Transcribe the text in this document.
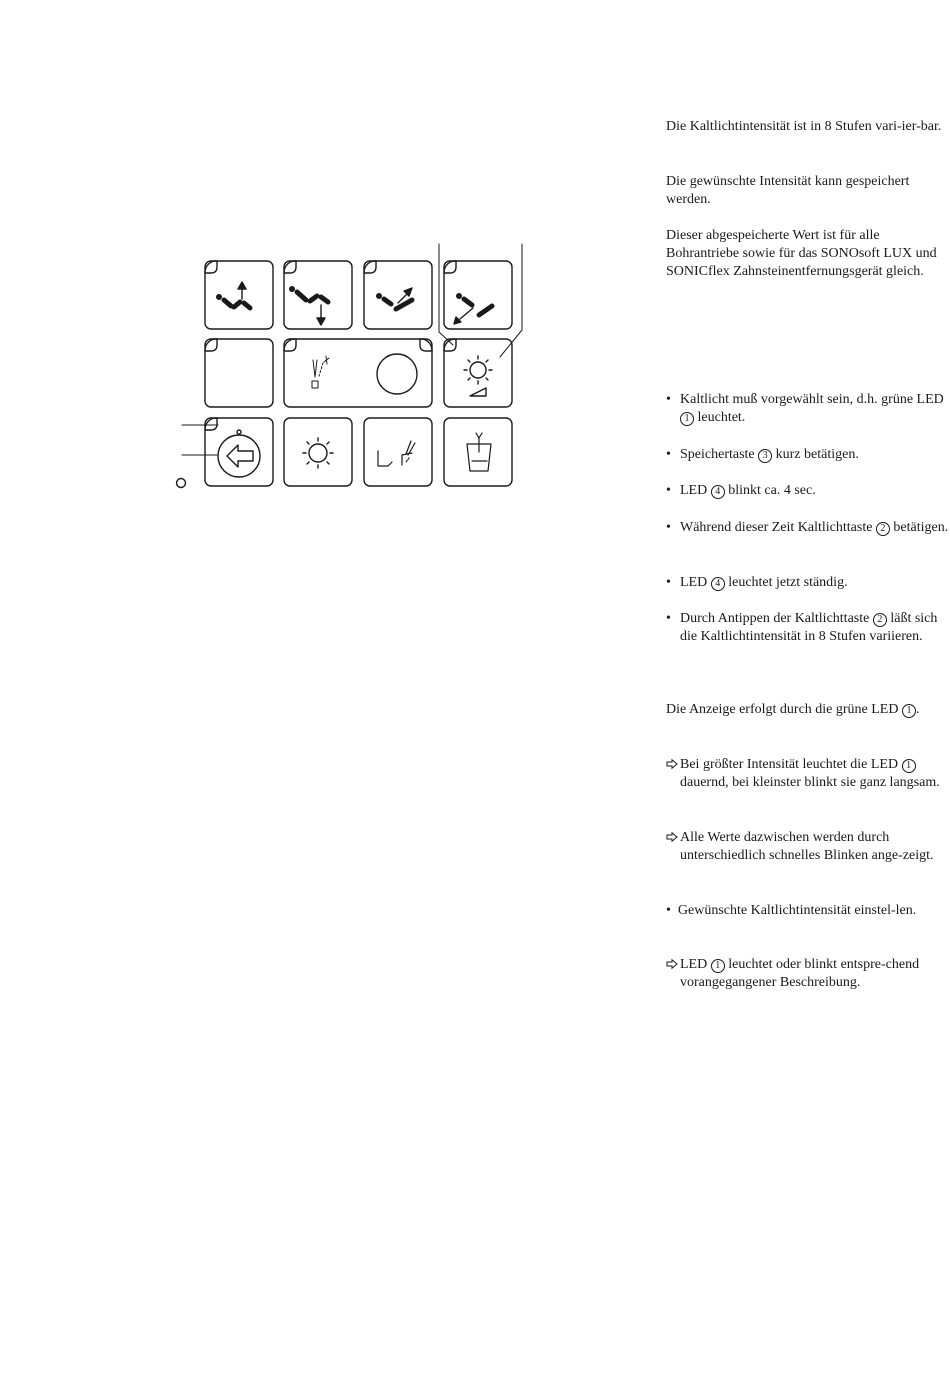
Die Kaltlichtintensität ist in 8 Stufen vari-ier-bar.

Die gewünschte Intensität kann gespeichert werden.

Dieser abgespeicherte Wert ist für alle Bohrantriebe sowie für das SONOsoft LUX und SONICflex Zahnsteinentfernungsgerät gleich.

• Kaltlicht muß vorgewählt sein, d.h. grüne LED 1 leuchtet.

• Speichertaste 3 kurz betätigen.

• LED 4 blinkt ca. 4 sec.

• Während dieser Zeit Kaltlichttaste 2 betätigen.

• LED 4 leuchtet jetzt ständig.

• Durch Antippen der Kaltlichttaste 2 läßt sich die Kaltlichtintensität in 8 Stufen variieren.

Die Anzeige erfolgt durch die grüne LED 1 .

Bei größter Intensität leuchtet die LED 1 dauernd, bei kleinster blinkt sie ganz langsam.

Alle Werte dazwischen werden durch unterschiedlich schnelles Blinken ange-zeigt.

•  Gewünschte Kaltlichtintensität einstel-len.

LED 1 leuchtet oder blinkt entspre-chend vorangegangener Beschreibung.
